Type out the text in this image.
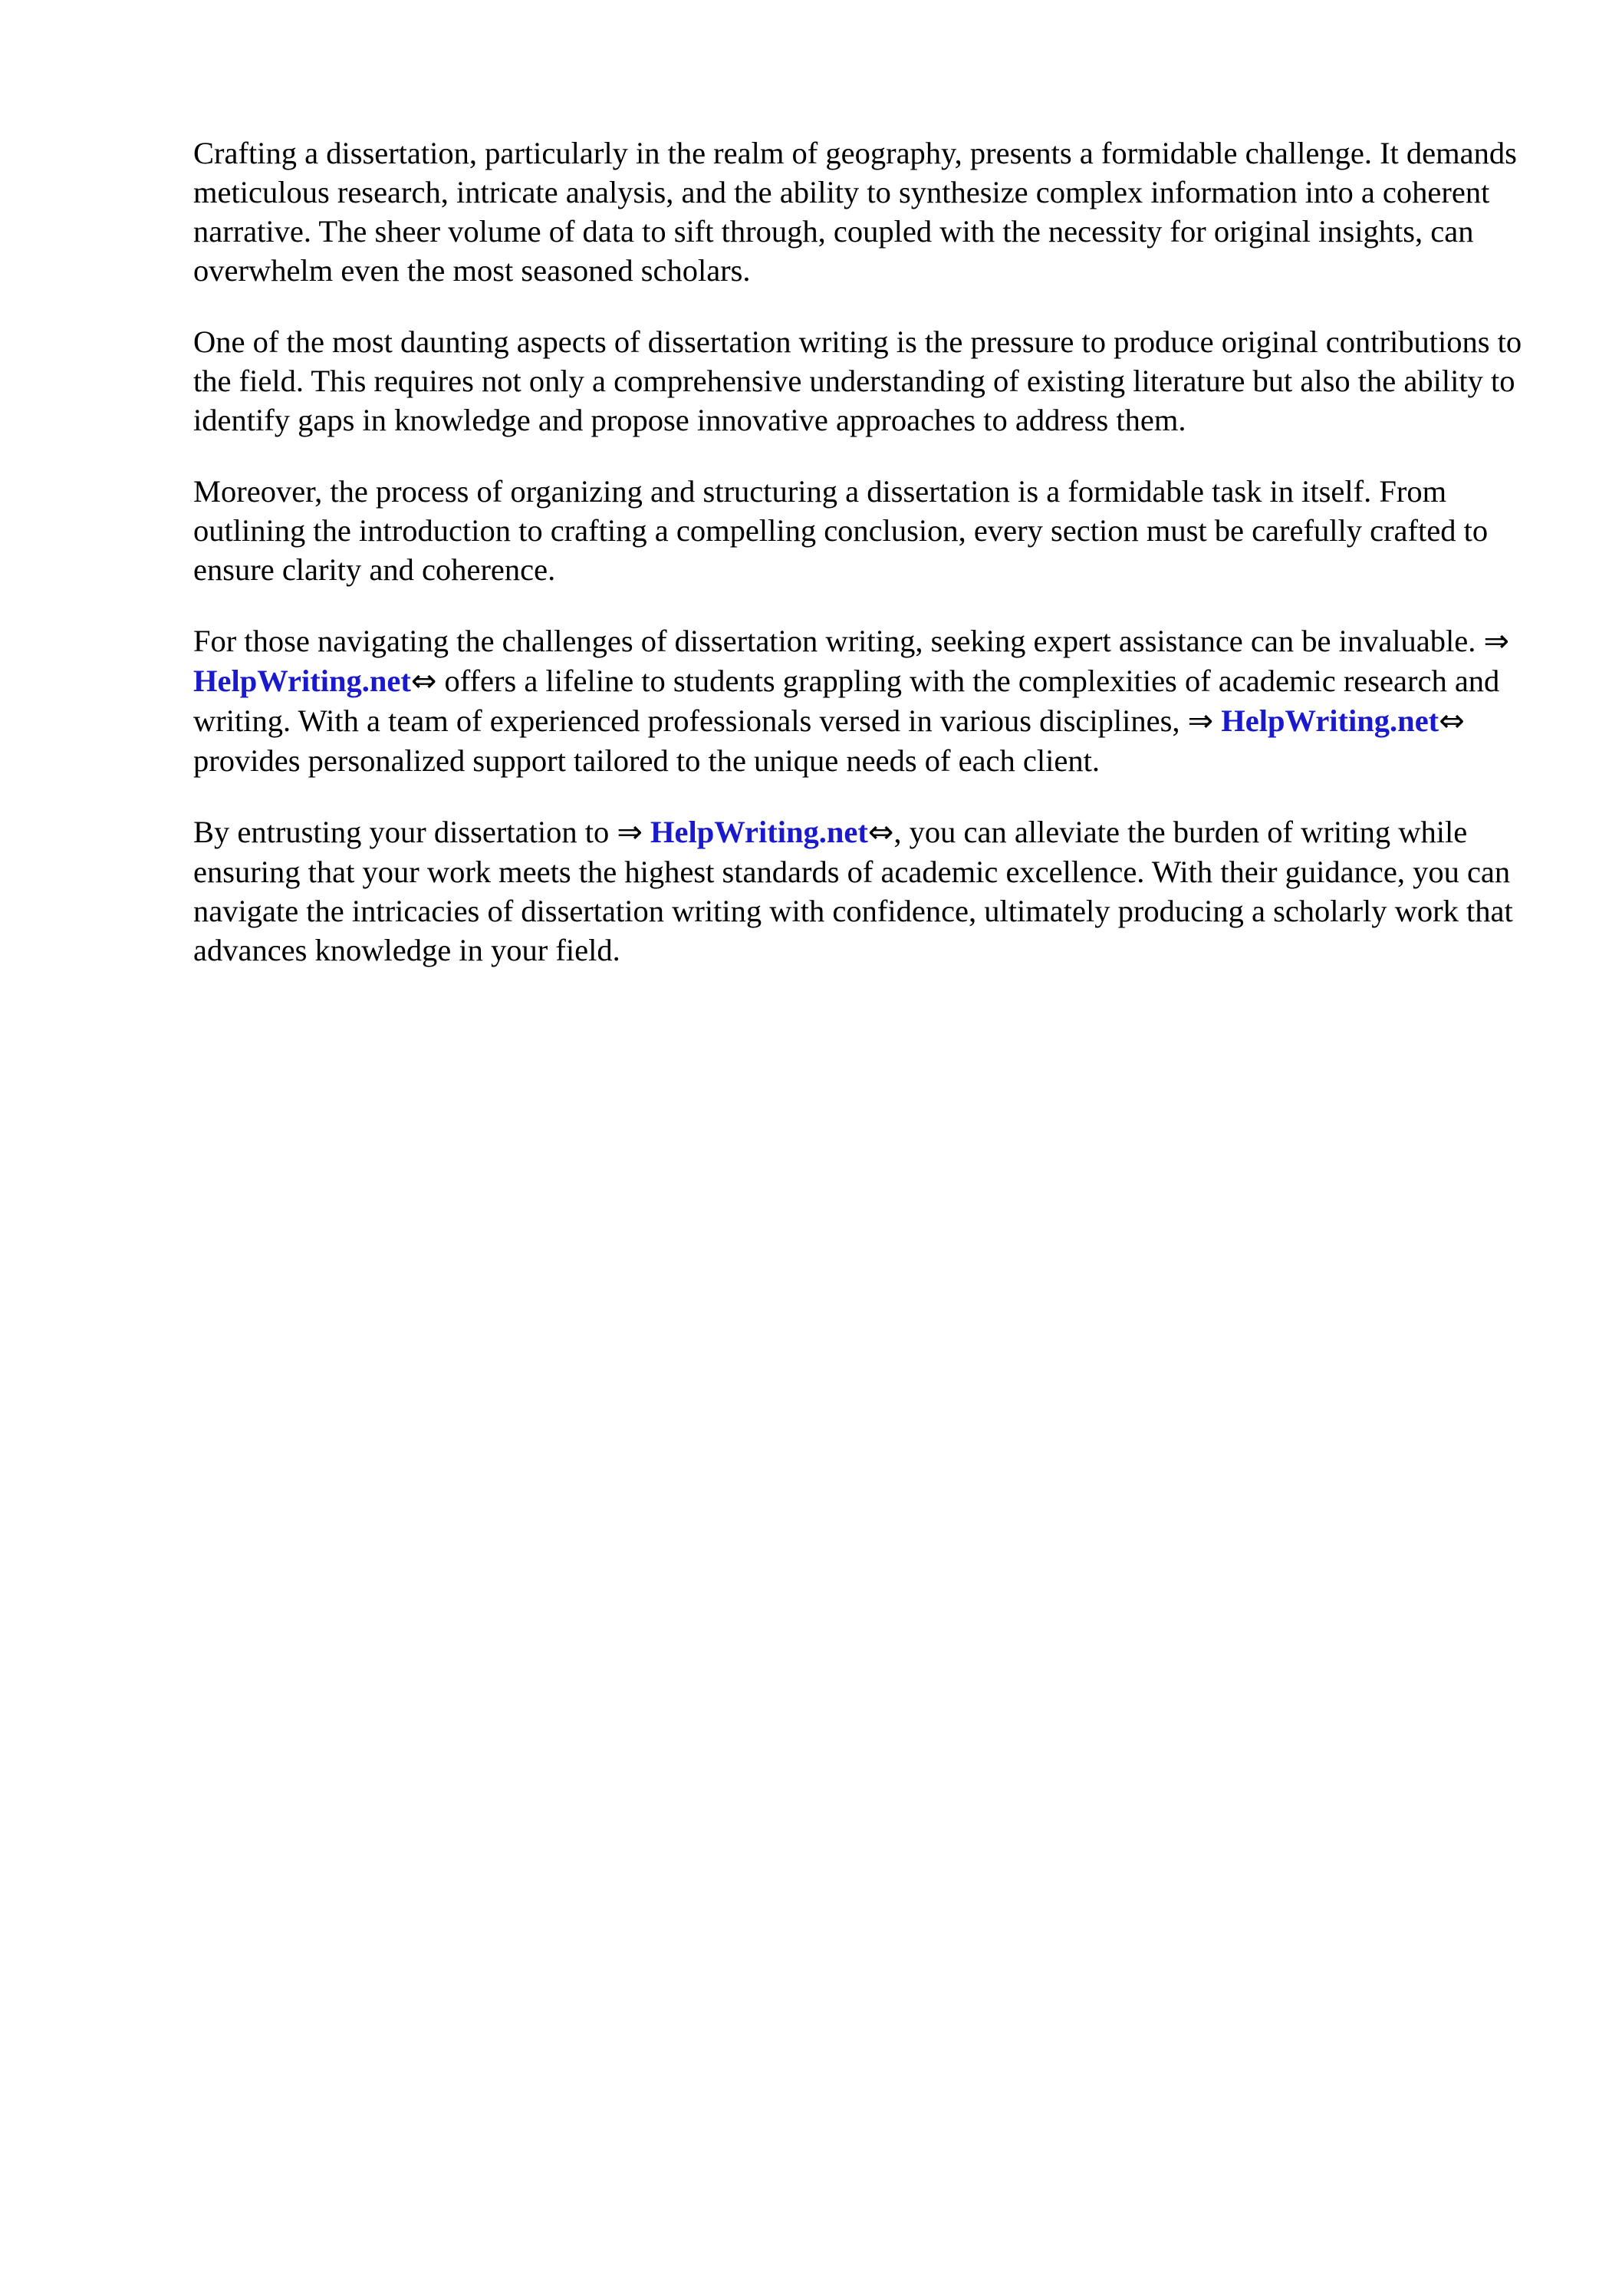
Crafting a dissertation, particularly in the realm of geography, presents a formidable challenge. It demands meticulous research, intricate analysis, and the ability to synthesize complex information into a coherent narrative. The sheer volume of data to sift through, coupled with the necessity for original insights, can overwhelm even the most seasoned scholars.

One of the most daunting aspects of dissertation writing is the pressure to produce original contributions to the field. This requires not only a comprehensive understanding of existing literature but also the ability to identify gaps in knowledge and propose innovative approaches to address them.

Moreover, the process of organizing and structuring a dissertation is a formidable task in itself. From outlining the introduction to crafting a compelling conclusion, every section must be carefully crafted to ensure clarity and coherence.

For those navigating the challenges of dissertation writing, seeking expert assistance can be invaluable. ⇒ HelpWriting.net⇔ offers a lifeline to students grappling with the complexities of academic research and writing. With a team of experienced professionals versed in various disciplines, ⇒ HelpWriting.net⇔ provides personalized support tailored to the unique needs of each client.

By entrusting your dissertation to ⇒ HelpWriting.net⇔, you can alleviate the burden of writing while ensuring that your work meets the highest standards of academic excellence. With their guidance, you can navigate the intricacies of dissertation writing with confidence, ultimately producing a scholarly work that advances knowledge in your field.
